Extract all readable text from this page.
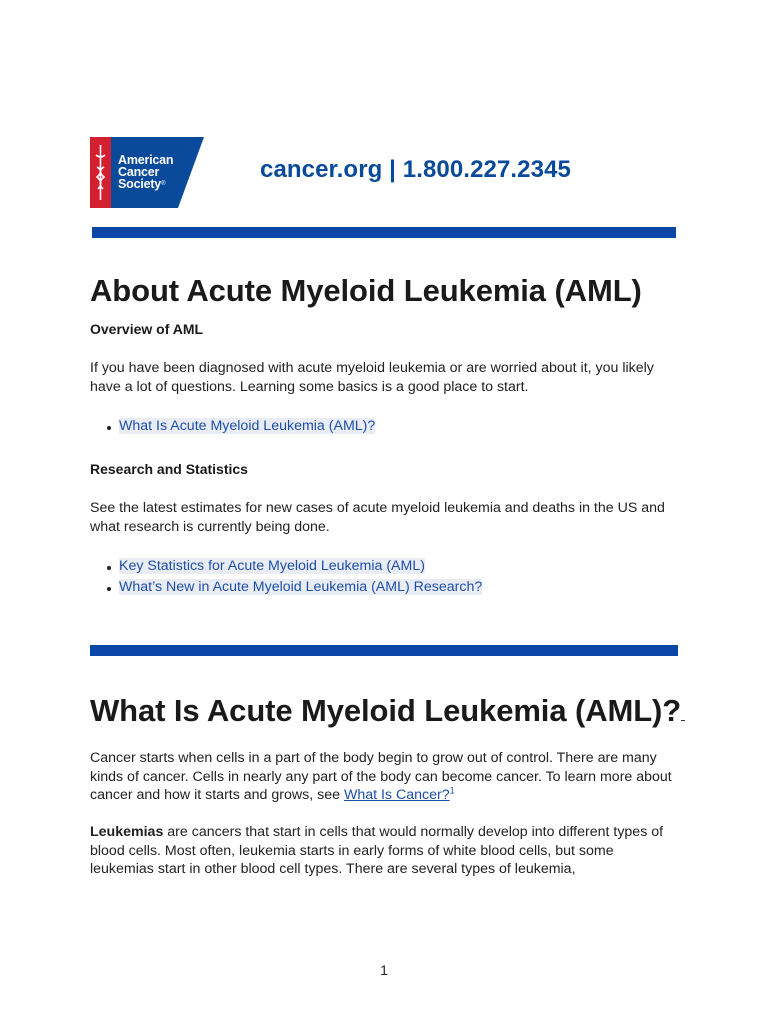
American
Cancer
Society®
cancer.org | 1.800.227.2345
About Acute Myeloid Leukemia (AML)
Overview of AML

If you have been diagnosed with acute myeloid leukemia or are worried about it, you likely have a lot of questions. Learning some basics is a good place to start.

What Is Acute Myeloid Leukemia (AML)?
Research and Statistics

See the latest estimates for new cases of acute myeloid leukemia and deaths in the US and what research is currently being done.

Key Statistics for Acute Myeloid Leukemia (AML)
What’s New in Acute Myeloid Leukemia (AML) Research?
What Is Acute Myeloid Leukemia (AML)?

Cancer starts when cells in a part of the body begin to grow out of control. There are many kinds of cancer. Cells in nearly any part of the body can become cancer. To learn more about cancer and how it starts and grows, see What Is Cancer?$^1$

Leukemias are cancers that start in cells that would normally develop into different types of blood cells. Most often, leukemia starts in early forms of white blood cells, but some leukemias start in other blood cell types. There are several types of leukemia,

1
